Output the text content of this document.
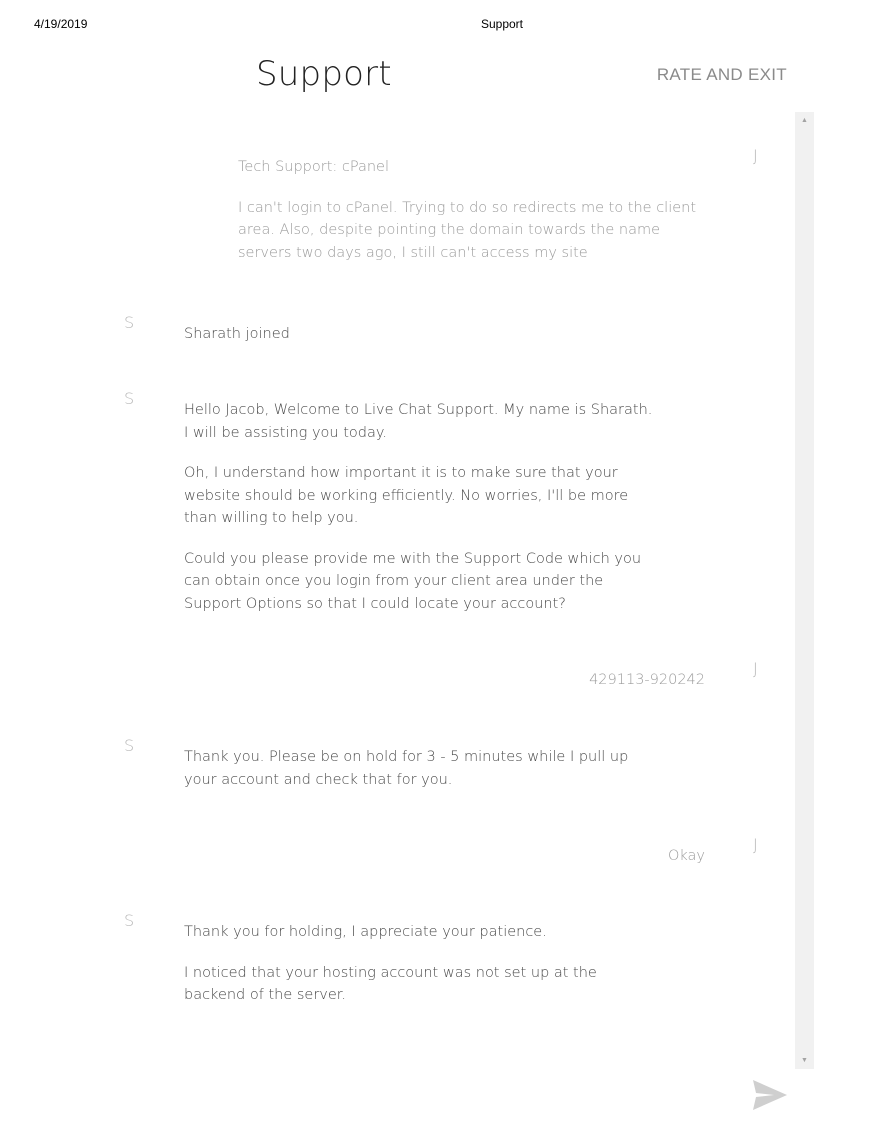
4/19/2019	Support
Support	RATE AND EXIT
J

Tech Support: cPanel

I can't login to cPanel. Trying to do so redirects me to the client area. Also, despite pointing the domain towards the name servers two days ago, I still can't access my site

S

Sharath joined

S

Hello Jacob, Welcome to Live Chat Support. My name is Sharath. I will be assisting you today.

Oh, I understand how important it is to make sure that your website should be working efficiently. No worries, I'll be more than willing to help you.

Could you please provide me with the Support Code which you can obtain once you login from your client area under the Support Options so that I could locate your account?

J

429113-920242

S

Thank you. Please be on hold for 3 - 5 minutes while I pull up your account and check that for you.

J

Okay

S

Thank you for holding, I appreciate your patience.

I noticed that your hosting account was not set up at the backend of the server.

▲
▼
